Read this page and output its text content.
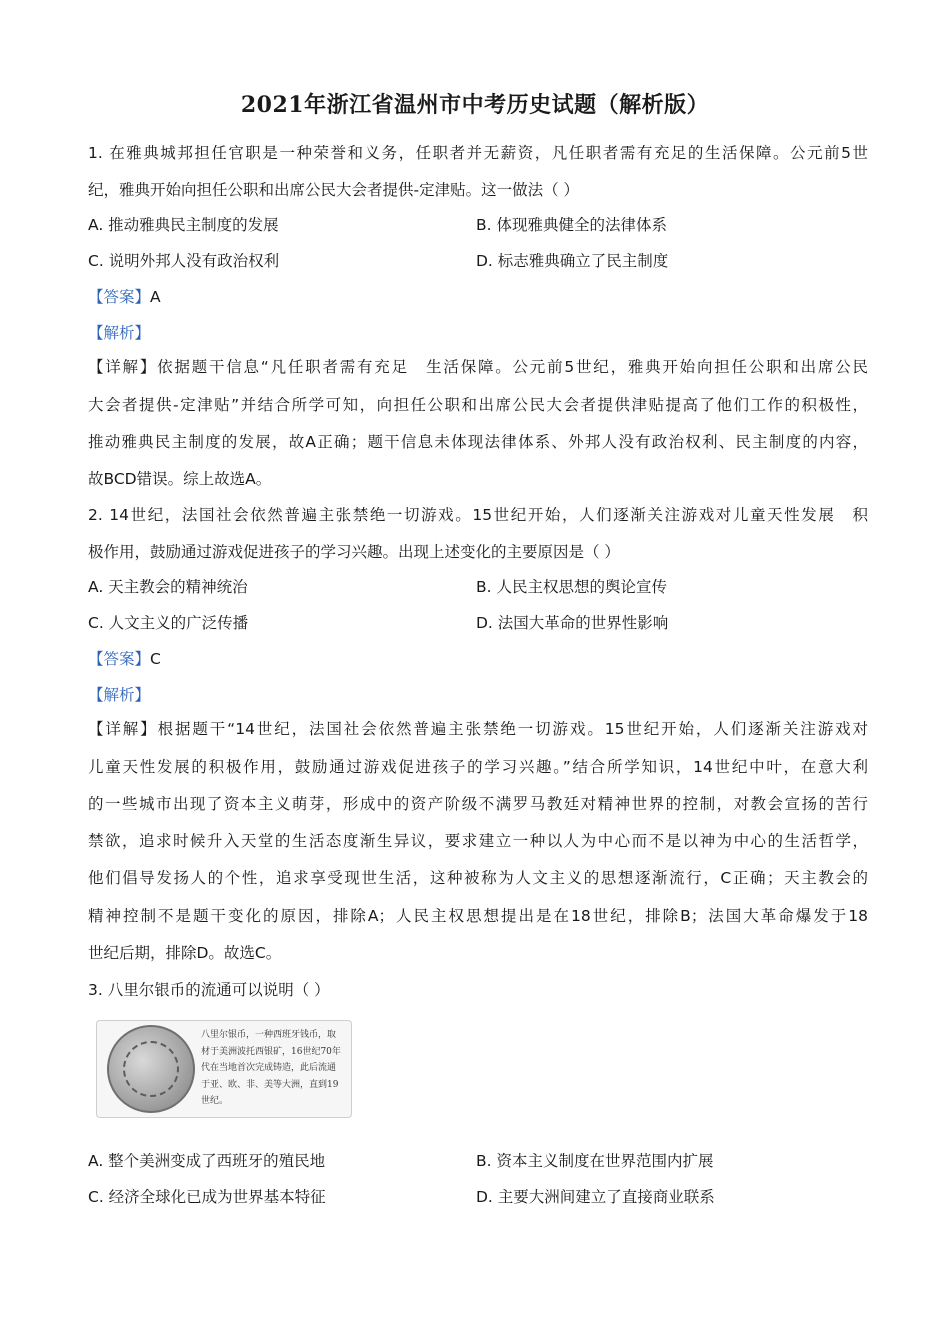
2021年浙江省温州市中考历史试题（解析版）
1. 在雅典城邦担任官职是一种荣誉和义务，任职者并无薪资，凡任职者需有充足的生活保障。公元前5世
纪，雅典开始向担任公职和出席公民大会者提供-定津贴。这一做法（ ）
A. 推动雅典民主制度的发展	B. 体现雅典健全的法律体系
C. 说明外邦人没有政治权利	D. 标志雅典确立了民主制度
【答案】A
【解析】
【详解】依据题干信息“凡任职者需有充足　生活保障。公元前5世纪，雅典开始向担任公职和出席公民
大会者提供-定津贴”并结合所学可知，向担任公职和出席公民大会者提供津贴提高了他们工作的积极性，
推动雅典民主制度的发展，故A正确；题干信息未体现法律体系、外邦人没有政治权利、民主制度的内容，
故BCD错误。综上故选A。
2. 14世纪，法国社会依然普遍主张禁绝一切游戏。15世纪开始，人们逐渐关注游戏对儿童天性发展　积
极作用，鼓励通过游戏促进孩子的学习兴趣。出现上述变化的主要原因是（ ）
A. 天主教会的精神统治	B. 人民主权思想的舆论宣传
C. 人文主义的广泛传播	D. 法国大革命的世界性影响
【答案】C
【解析】
【详解】根据题干“14世纪，法国社会依然普遍主张禁绝一切游戏。15世纪开始，人们逐渐关注游戏对
儿童天性发展的积极作用，鼓励通过游戏促进孩子的学习兴趣。”结合所学知识，14世纪中叶，在意大利
的一些城市出现了资本主义萌芽，形成中的资产阶级不满罗马教廷对精神世界的控制，对教会宣扬的苦行
禁欲，追求时候升入天堂的生活态度渐生异议，要求建立一种以人为中心而不是以神为中心的生活哲学，
他们倡导发扬人的个性，追求享受现世生活，这种被称为人文主义的思想逐渐流行，C正确；天主教会的
精神控制不是题干变化的原因，排除A；人民主权思想提出是在18世纪，排除B；法国大革命爆发于18
世纪后期，排除D。故选C。
3. 八里尔银币的流通可以说明（ ）
八里尔银币，一种西班牙钱币，取材于美洲波托西银矿，16世纪70年代在当地首次完成铸造，此后流通于亚、欧、非、美等大洲，直到19世纪。
A. 整个美洲变成了西班牙的殖民地	B. 资本主义制度在世界范围内扩展
C. 经济全球化已成为世界基本特征	D. 主要大洲间建立了直接商业联系
